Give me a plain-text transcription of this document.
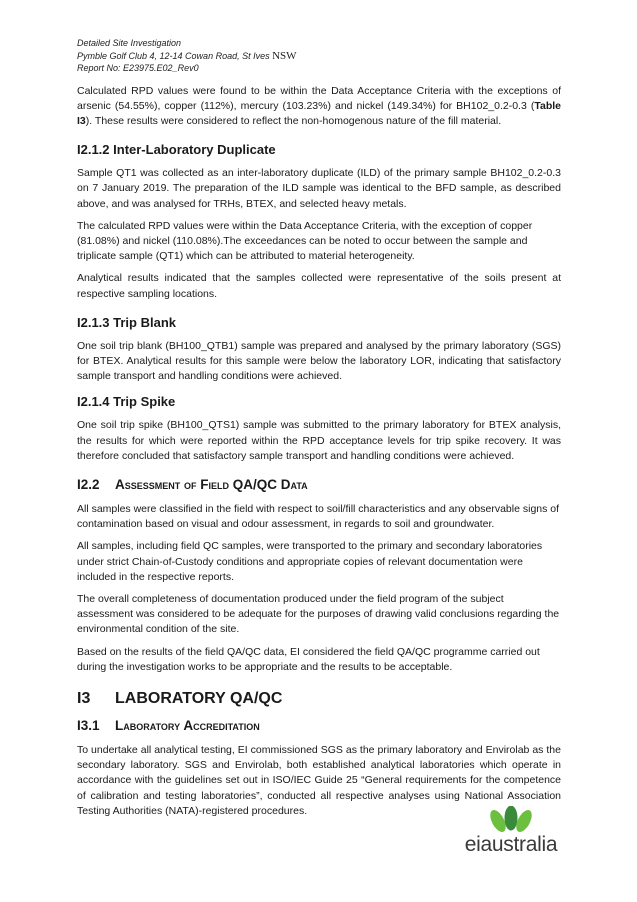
Detailed Site Investigation
Pymble Golf Club 4, 12-14 Cowan Road, St Ives NSW
Report No: E23975.E02_Rev0

Calculated RPD values were found to be within the Data Acceptance Criteria with the exceptions of arsenic (54.55%), copper (112%), mercury (103.23%) and nickel (149.34%) for BH102_0.2-0.3 (Table I3). These results were considered to reflect the non-homogenous nature of the fill material.

I2.1.2 Inter-Laboratory Duplicate

Sample QT1 was collected as an inter-laboratory duplicate (ILD) of the primary sample BH102_0.2-0.3 on 7 January 2019. The preparation of the ILD sample was identical to the BFD sample, as described above, and was analysed for TRHs, BTEX, and selected heavy metals.

The calculated RPD values were within the Data Acceptance Criteria, with the exception of copper (81.08%) and nickel (110.08%).The exceedances can be noted to occur between the sample and triplicate sample (QT1) which can be attributed to material heterogeneity.

Analytical results indicated that the samples collected were representative of the soils present at respective sampling locations.

I2.1.3 Trip Blank

One soil trip blank (BH100_QTB1) sample was prepared and analysed by the primary laboratory (SGS) for BTEX. Analytical results for this sample were below the laboratory LOR, indicating that satisfactory sample transport and handling conditions were achieved.

I2.1.4 Trip Spike

One soil trip spike (BH100_QTS1) sample was submitted to the primary laboratory for BTEX analysis, the results for which were reported within the RPD acceptance levels for trip spike recovery. It was therefore concluded that satisfactory sample transport and handling conditions were achieved.

I2.2 Assessment of Field QA/QC Data

All samples were classified in the field with respect to soil/fill characteristics and any observable signs of contamination based on visual and odour assessment, in regards to soil and groundwater.

All samples, including field QC samples, were transported to the primary and secondary laboratories under strict Chain-of-Custody conditions and appropriate copies of relevant documentation were included in the respective reports.

The overall completeness of documentation produced under the field program of the subject assessment was considered to be adequate for the purposes of drawing valid conclusions regarding the environmental condition of the site.

Based on the results of the field QA/QC data, EI considered the field QA/QC programme carried out during the investigation works to be appropriate and the results to be acceptable.

I3 LABORATORY QA/QC
I3.1 Laboratory Accreditation

To undertake all analytical testing, EI commissioned SGS as the primary laboratory and Envirolab as the secondary laboratory. SGS and Envirolab, both established analytical laboratories which operate in accordance with the guidelines set out in ISO/IEC Guide 25 “General requirements for the competence of calibration and testing laboratories”, conducted all respective analyses using National Association Testing Authorities (NATA)-registered procedures.

eiaustralia
